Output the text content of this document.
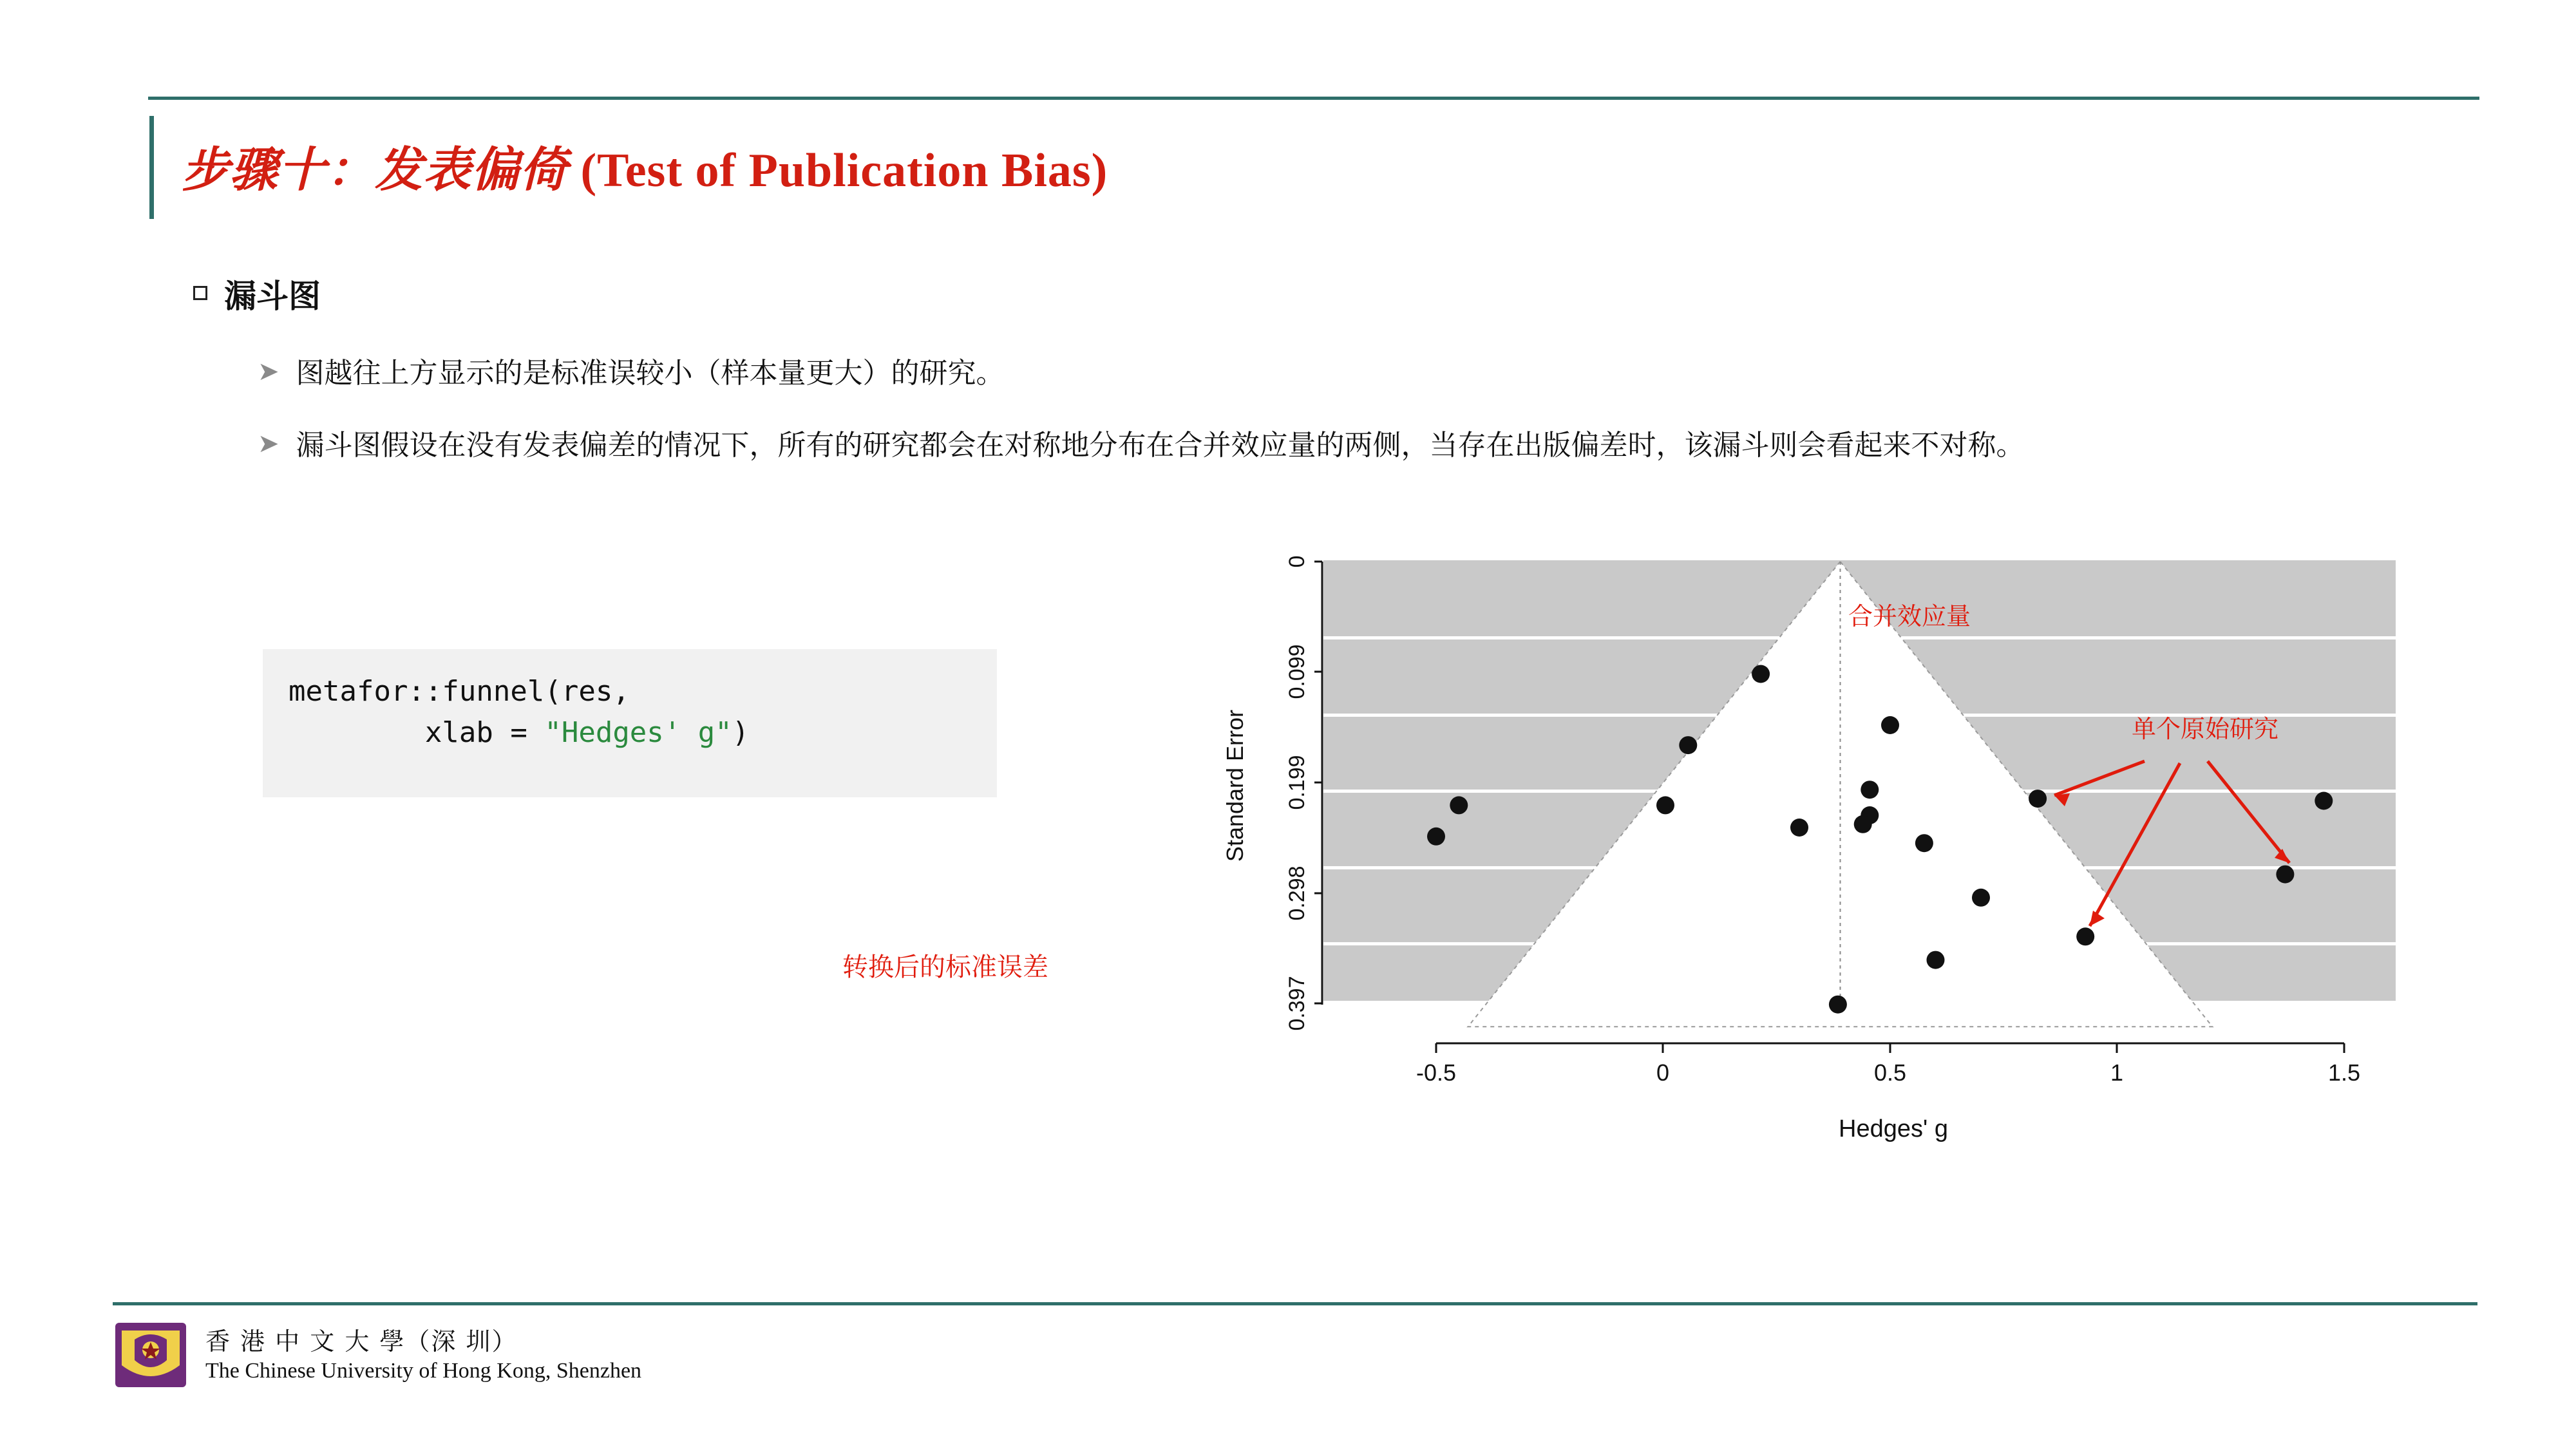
步骤十：发表偏倚 (Test of Publication Bias)
漏斗图
➤ 图越往上方显示的是标准误较小（样本量更大）的研究。
➤ 漏斗图假设在没有发表偏差的情况下，所有的研究都会在对称地分布在合并效应量的两侧，当存在出版偏差时，该漏斗则会看起来不对称。
metafor::funnel(res,
xlab = "Hedges' g")
转换后的标准误差
0
0.099
0.199
0.298
0.397
Standard Error
-0.5	0	0.5	1	1.5
Hedges' g
合并效应量
单个原始研究
香 港 中 文 大 學（深 圳）
The Chinese University of Hong Kong, Shenzhen
